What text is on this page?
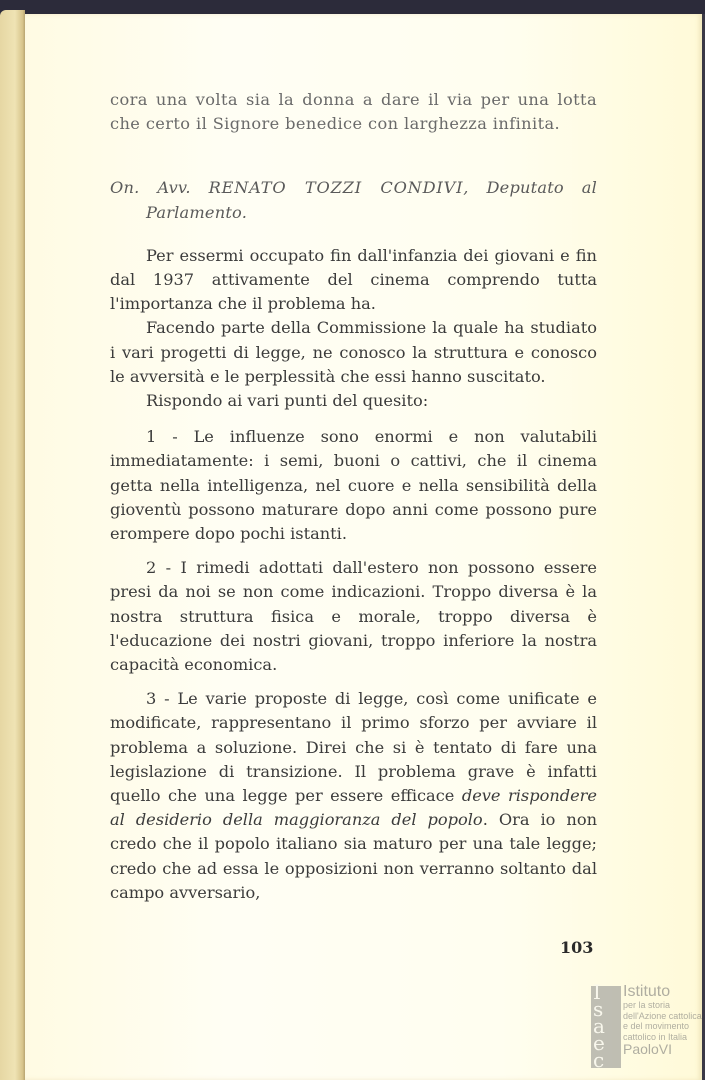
cora una volta sia la donna a dare il via per una lotta che certo il Signore benedice con larghezza infinita.

On. Avv. RENATO TOZZI CONDIVI, Deputato al Parlamento.

Per essermi occupato fin dall'infanzia dei giovani e fin dal 1937 attivamente del cinema comprendo tutta l'importanza che il problema ha.

Facendo parte della Commissione la quale ha studiato i vari progetti di legge, ne conosco la struttura e conosco le avversità e le perplessità che essi hanno suscitato.

Rispondo ai vari punti del quesito:

1 - Le influenze sono enormi e non valutabili immediatamente: i semi, buoni o cattivi, che il cinema getta nella intelligenza, nel cuore e nella sensibilità della gioventù possono maturare dopo anni come possono pure erompere dopo pochi istanti.

2 - I rimedi adottati dall'estero non possono essere presi da noi se non come indicazioni. Troppo diversa è la nostra struttura fisica e morale, troppo diversa è l'educazione dei nostri giovani, troppo inferiore la nostra capacità economica.

3 - Le varie proposte di legge, così come unificate e modificate, rappresentano il primo sforzo per avviare il problema a soluzione. Direi che si è tentato di fare una legislazione di transizione. Il problema grave è infatti quello che una legge per essere efficace deve rispondere al desiderio della maggioranza del popolo. Ora io non credo che il popolo italiano sia maturo per una tale legge; credo che ad essa le opposizioni non verranno soltanto dal campo avversario,

103
I
s
a
e
c
Istituto
per la storia
dell'Azione cattolica
e del movimento
cattolico in Italia
PaoloVI
